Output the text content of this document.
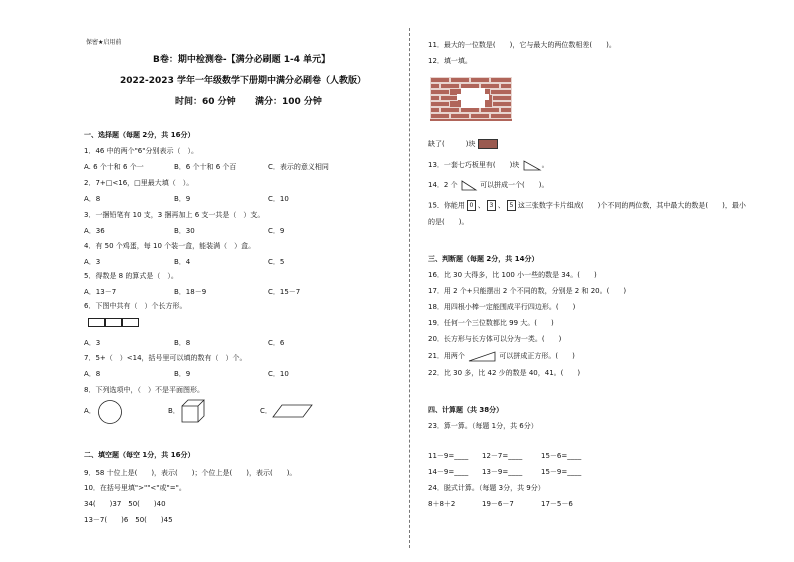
保密★启用前
B卷：期中检测卷-【满分必刷题 1-4 单元】
2022-2023 学年一年级数学下册期中满分必刷卷（人教版）
时间：60 分钟 满分：100 分钟
一、选择题（每题 2分，共 16分）
1．46 中的两个"6"分别表示（　）。
A. 6 个十和 6 个一	B．6 个十和 6 个百	C．表示的意义相同
2．7+□<16，□里最大填（　）。
A．8	B．9	C．10
3．一捆铅笔有 10 支，3 捆再加上 6 支一共是（　）支。
A．36	B．30	C．9
4．有 50 个鸡蛋，每 10 个装一盒，能装满（　）盒。
A．3	B．4	C．5
5．得数是 8 的算式是（　）。
A．13－7	B．18－9	C．15－7
6．下图中共有（　）个长方形。
A．3	B．8	C．6
7．5+（　）<14，括号里可以填的数有（　）个。
A．8	B．9	C．10
8．下列选项中，（　）不是平面图形。
A．	B．	C．
二、填空题（每空 1分，共 16分）
9．58 十位上是(　　)，表示(　　)；个位上是(　　)，表示(　　)。
10．在括号里填">""<"或"="。
34(　　)37　50(　　)40
13－7(　　)6　50(　　)45
11．最大的一位数是(　　)，它与最大的两位数相差(　　)。
12．填一填。
缺了(　　　)块
13．一套七巧板里有(　　)块	。
14．2 个	可以拼成一个(　　)。
15．你能用 0 、 3 、 5 这三张数字卡片组成(　　)个不同的两位数，其中最大的数是(　　)，最小
的是(　　)。
三、判断题（每题 2分，共 14分）
16．比 30 大得多，比 100 小一些的数是 34。(　　)
17．用 2 个+只能摆出 2 个不同的数，分别是 2 和 20。(　　)
18．用四根小棒一定能围成平行四边形。(　　)
19．任何一个三位数都比 99 大。(　　)
20．长方形与长方体可以分为一类。(　　)
21．用两个	可以拼成正方形。(　　)
22．比 30 多，比 42 少的数是 40，41。(　　)
四、计算题（共 38分）
23．算一算。（每题 1分，共 6分）
11－9=____ 12－7=____	15－6=____
14－9=____ 13－9=____	15－9=____
24．脱式计算。（每题 3分，共 9分）
8＋8＋2	19－6－7	17－5－6
